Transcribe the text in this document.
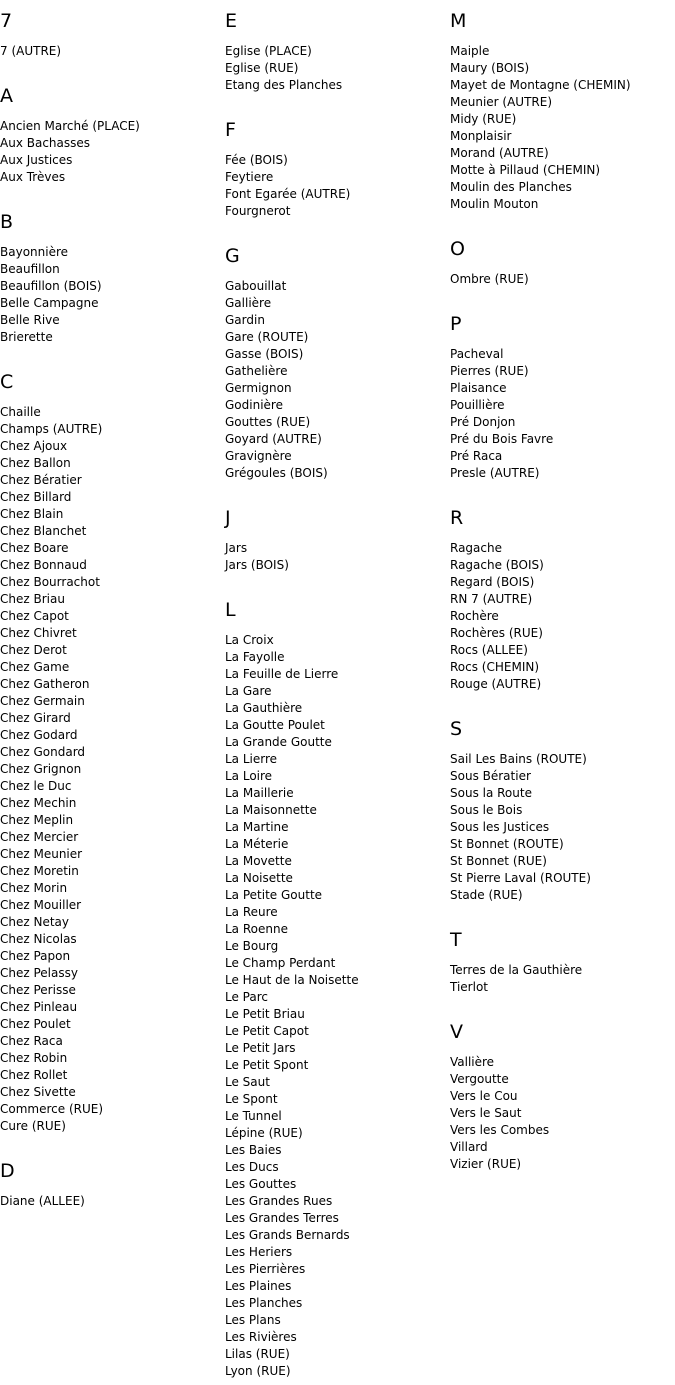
7
7 (AUTRE)
A
Ancien Marché (PLACE)
Aux Bachasses
Aux Justices
Aux Trèves
B
Bayonnière
Beaufillon
Beaufillon (BOIS)
Belle Campagne
Belle Rive
Brierette
C
Chaille
Champs (AUTRE)
Chez Ajoux
Chez Ballon
Chez Bératier
Chez Billard
Chez Blain
Chez Blanchet
Chez Boare
Chez Bonnaud
Chez Bourrachot
Chez Briau
Chez Capot
Chez Chivret
Chez Derot
Chez Game
Chez Gatheron
Chez Germain
Chez Girard
Chez Godard
Chez Gondard
Chez Grignon
Chez le Duc
Chez Mechin
Chez Meplin
Chez Mercier
Chez Meunier
Chez Moretin
Chez Morin
Chez Mouiller
Chez Netay
Chez Nicolas
Chez Papon
Chez Pelassy
Chez Perisse
Chez Pinleau
Chez Poulet
Chez Raca
Chez Robin
Chez Rollet
Chez Sivette
Commerce (RUE)
Cure (RUE)
D
Diane (ALLEE)
E
Eglise (PLACE)
Eglise (RUE)
Etang des Planches
F
Fée (BOIS)
Feytiere
Font Egarée (AUTRE)
Fourgnerot
G
Gabouillat
Gallière
Gardin
Gare (ROUTE)
Gasse (BOIS)
Gathelière
Germignon
Godinière
Gouttes (RUE)
Goyard (AUTRE)
Gravignère
Grégoules (BOIS)
J
Jars
Jars (BOIS)
L
La Croix
La Fayolle
La Feuille de Lierre
La Gare
La Gauthière
La Goutte Poulet
La Grande Goutte
La Lierre
La Loire
La Maillerie
La Maisonnette
La Martine
La Méterie
La Movette
La Noisette
La Petite Goutte
La Reure
La Roenne
Le Bourg
Le Champ Perdant
Le Haut de la Noisette
Le Parc
Le Petit Briau
Le Petit Capot
Le Petit Jars
Le Petit Spont
Le Saut
Le Spont
Le Tunnel
Lépine (RUE)
Les Baies
Les Ducs
Les Gouttes
Les Grandes Rues
Les Grandes Terres
Les Grands Bernards
Les Heriers
Les Pierrières
Les Plaines
Les Planches
Les Plans
Les Rivières
Lilas (RUE)
Lyon (RUE)
M
Maiple
Maury (BOIS)
Mayet de Montagne (CHEMIN)
Meunier (AUTRE)
Midy (RUE)
Monplaisir
Morand (AUTRE)
Motte à Pillaud (CHEMIN)
Moulin des Planches
Moulin Mouton
O
Ombre (RUE)
P
Pacheval
Pierres (RUE)
Plaisance
Pouillière
Pré Donjon
Pré du Bois Favre
Pré Raca
Presle (AUTRE)
R
Ragache
Ragache (BOIS)
Regard (BOIS)
RN 7 (AUTRE)
Rochère
Rochères (RUE)
Rocs (ALLEE)
Rocs (CHEMIN)
Rouge (AUTRE)
S
Sail Les Bains (ROUTE)
Sous Bératier
Sous la Route
Sous le Bois
Sous les Justices
St Bonnet (ROUTE)
St Bonnet (RUE)
St Pierre Laval (ROUTE)
Stade (RUE)
T
Terres de la Gauthière
Tierlot
V
Vallière
Vergoutte
Vers le Cou
Vers le Saut
Vers les Combes
Villard
Vizier (RUE)
